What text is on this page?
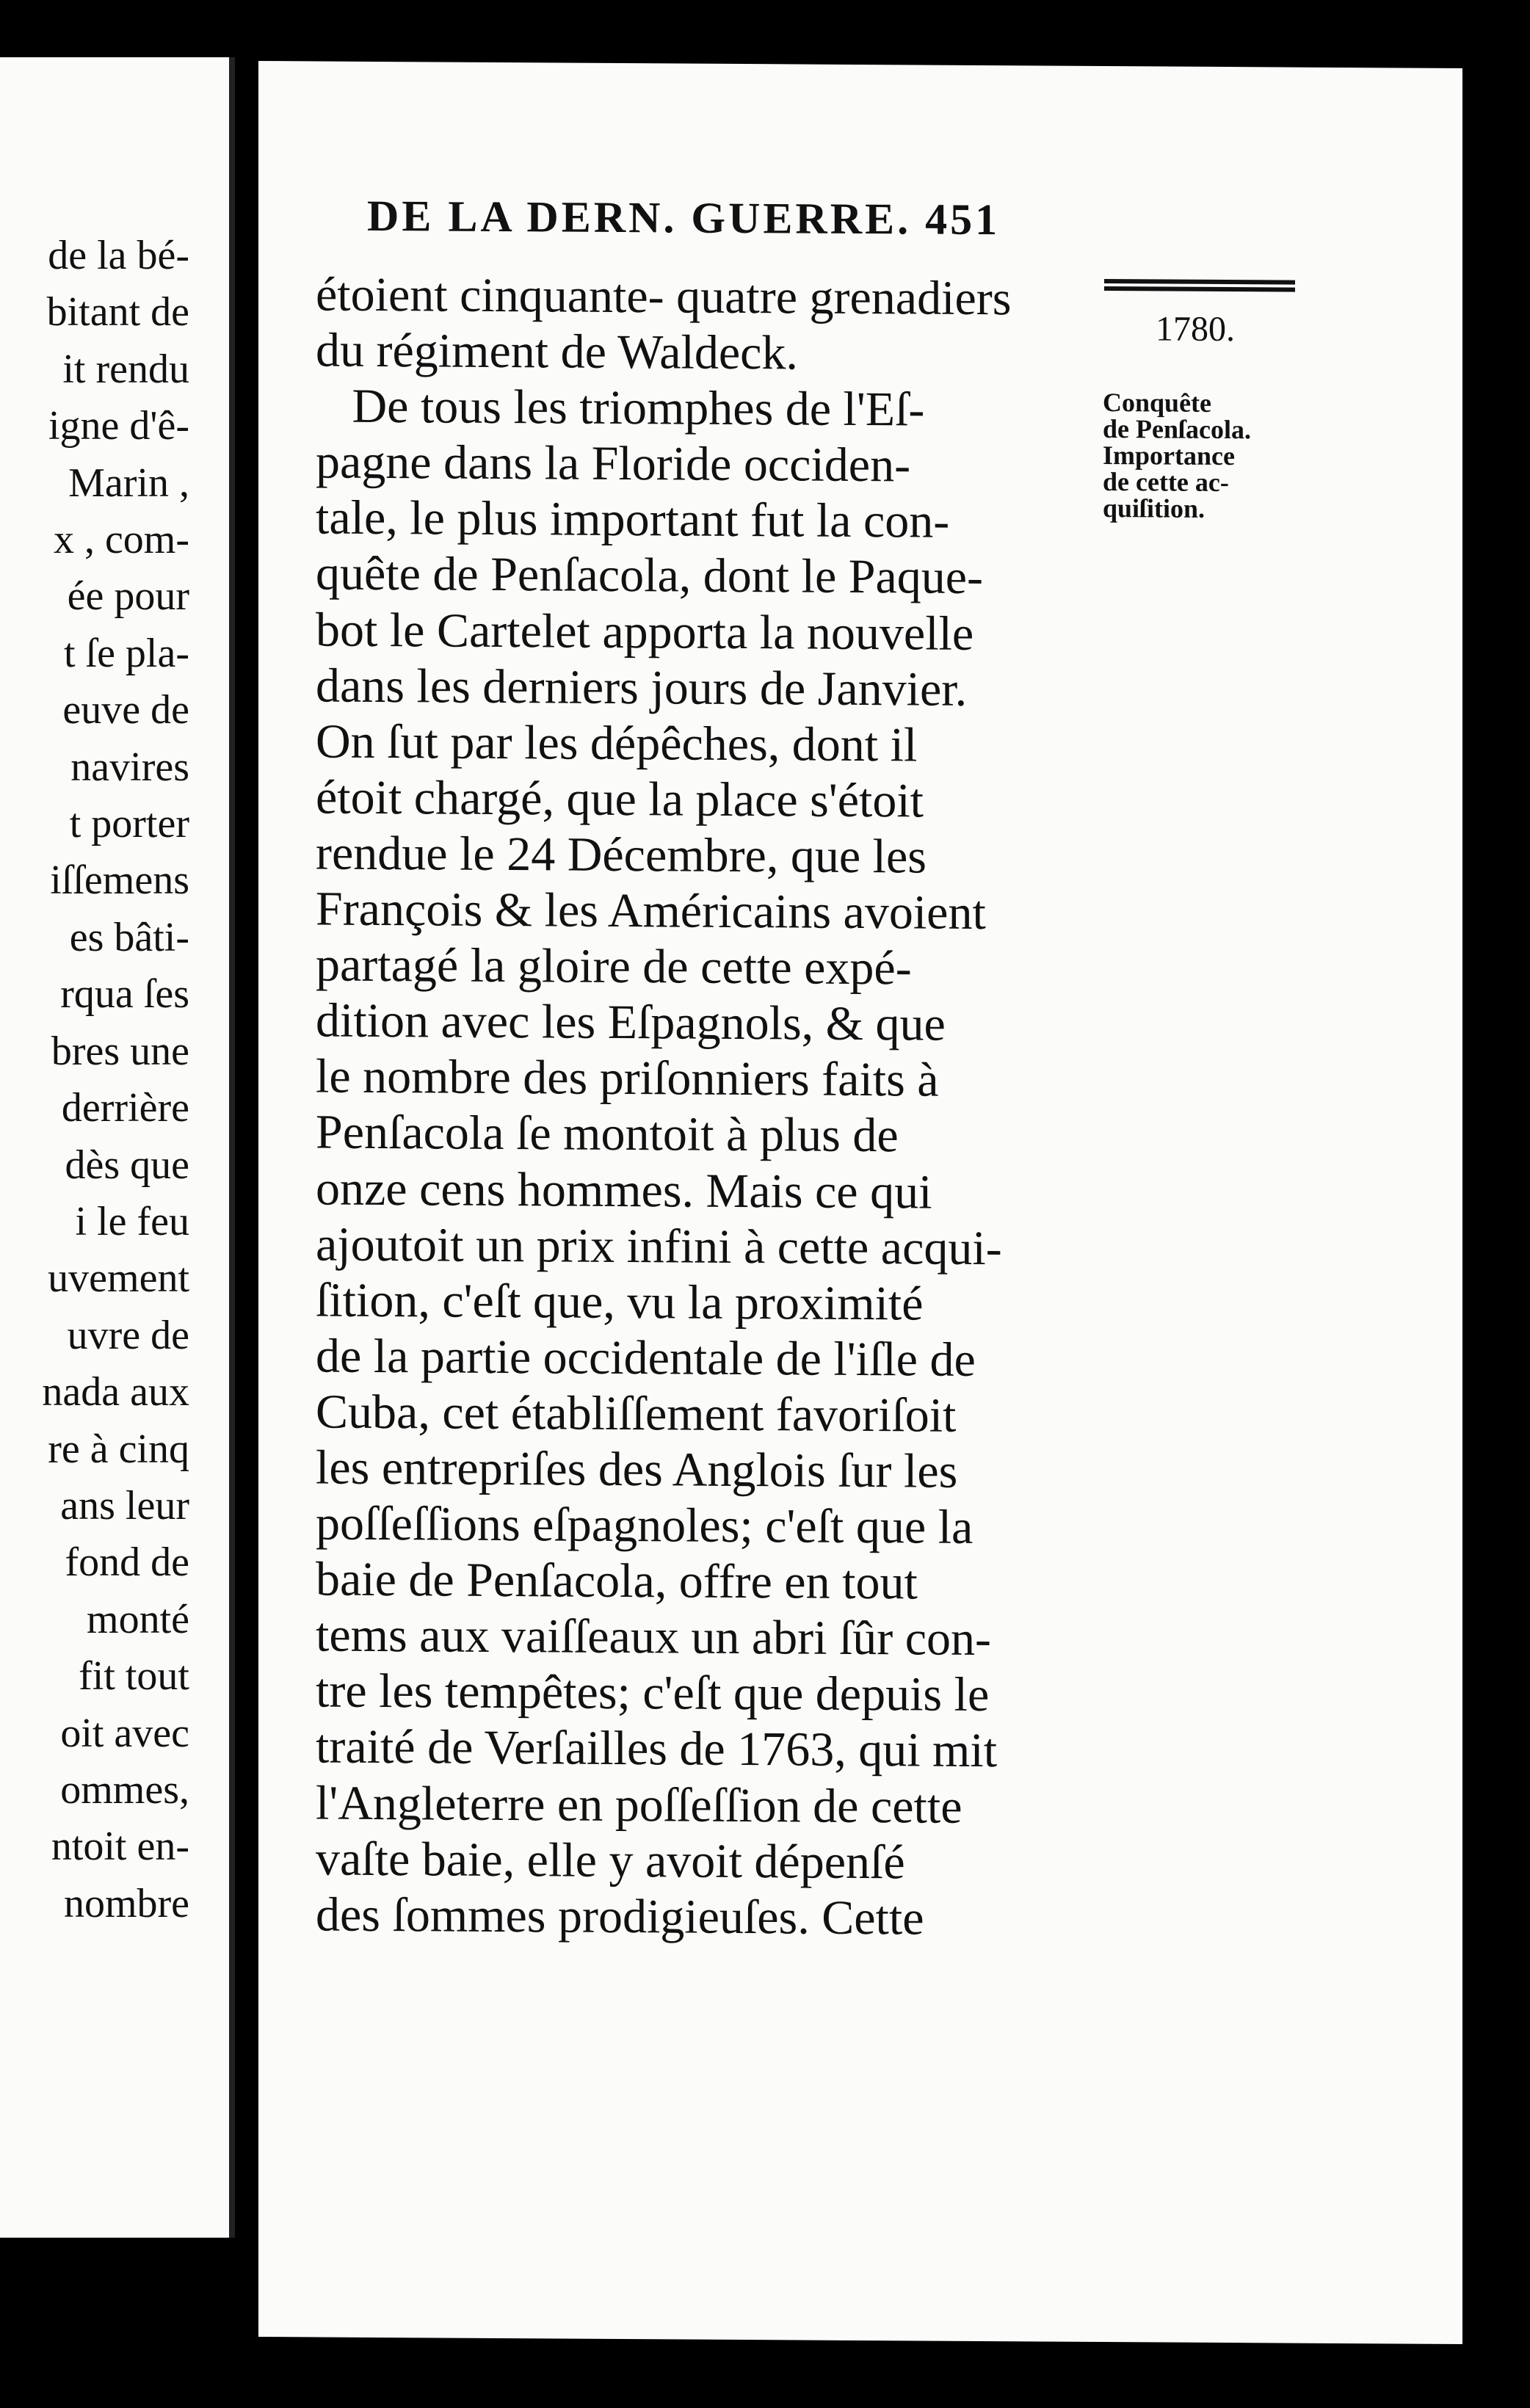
de la bé-
bitant de
it rendu
igne d'ê-
Marin ,
x , com-
ée pour
t ſe pla-
euve de
navires
t porter
iſſemens
es bâti-
rqua ſes
bres une
derrière
dès que
i le feu
uvement
uvre de
nada aux
re à cinq
ans leur
fond de
monté
fit tout
oit avec
ommes,
ntoit en-
nombre
DE LA DERN. GUERRE. 451
1780.
Conquête
de Penſacola.
Importance
de cette ac-
quiſition.
étoient cinquante- quatre grenadiers
du régiment de Waldeck.
De tous les triomphes de l'Eſ-
pagne dans la Floride occiden-
tale, le plus important fut la con-
quête de Penſacola, dont le Paque-
bot le Cartelet apporta la nouvelle
dans les derniers jours de Janvier.
On ſut par les dépêches, dont il
étoit chargé, que la place s'étoit
rendue le 24 Décembre, que les
François & les Américains avoient
partagé la gloire de cette expé-
dition avec les Eſpagnols, & que
le nombre des priſonniers faits à
Penſacola ſe montoit à plus de
onze cens hommes. Mais ce qui
ajoutoit un prix infini à cette acqui-
ſition, c'eſt que, vu la proximité
de la partie occidentale de l'iſle de
Cuba, cet établiſſement favoriſoit
les entrepriſes des Anglois ſur les
poſſeſſions eſpagnoles; c'eſt que la
baie de Penſacola, offre en tout
tems aux vaiſſeaux un abri ſûr con-
tre les tempêtes; c'eſt que depuis le
traité de Verſailles de 1763, qui mit
l'Angleterre en poſſeſſion de cette
vaſte baie, elle y avoit dépenſé
des ſommes prodigieuſes. Cette
